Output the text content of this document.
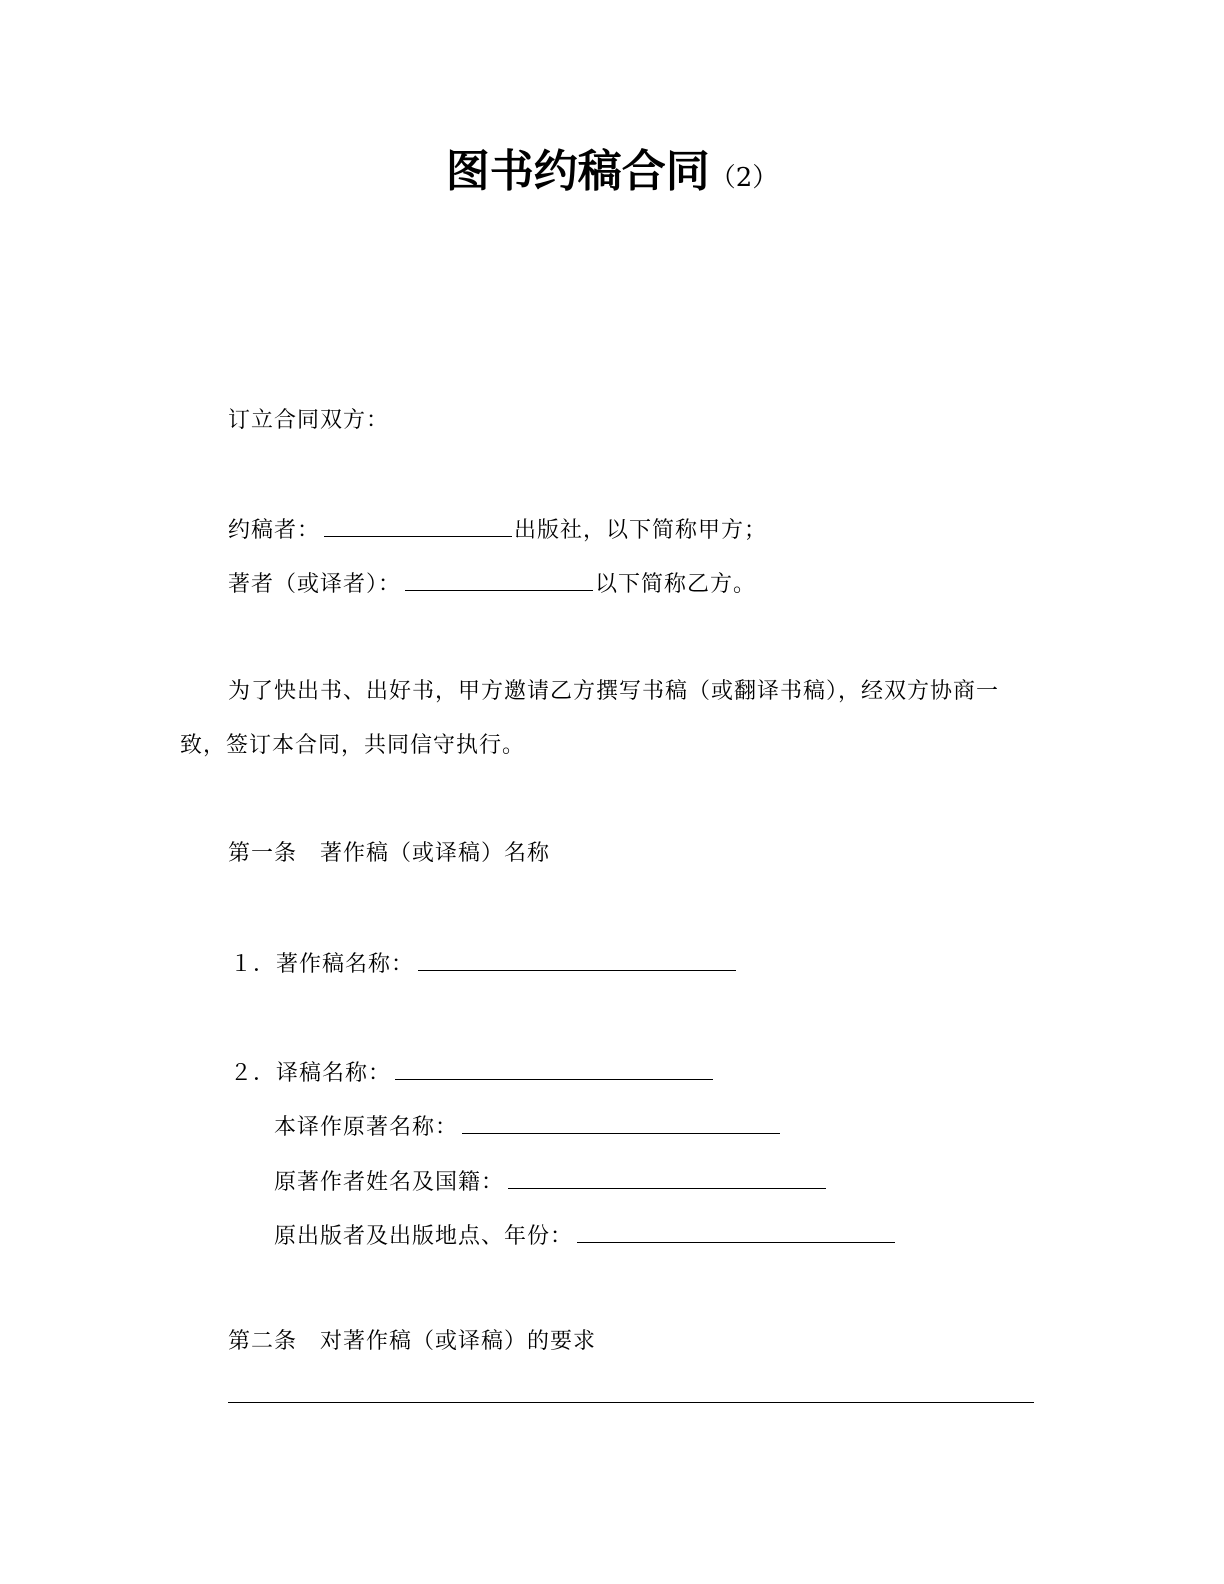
图书约稿合同（2）
订立合同双方：
约稿者：	出版社，以下简称甲方；
著者（或译者）：	以下简称乙方。
为了快出书、出好书，甲方邀请乙方撰写书稿（或翻译书稿），经双方协商一
致，签订本合同，共同信守执行。
第一条　著作稿（或译稿）名称
１．著作稿名称：
２．译稿名称：
本译作原著名称：
原著作者姓名及国籍：
原出版者及出版地点、年份：
第二条　对著作稿（或译稿）的要求
